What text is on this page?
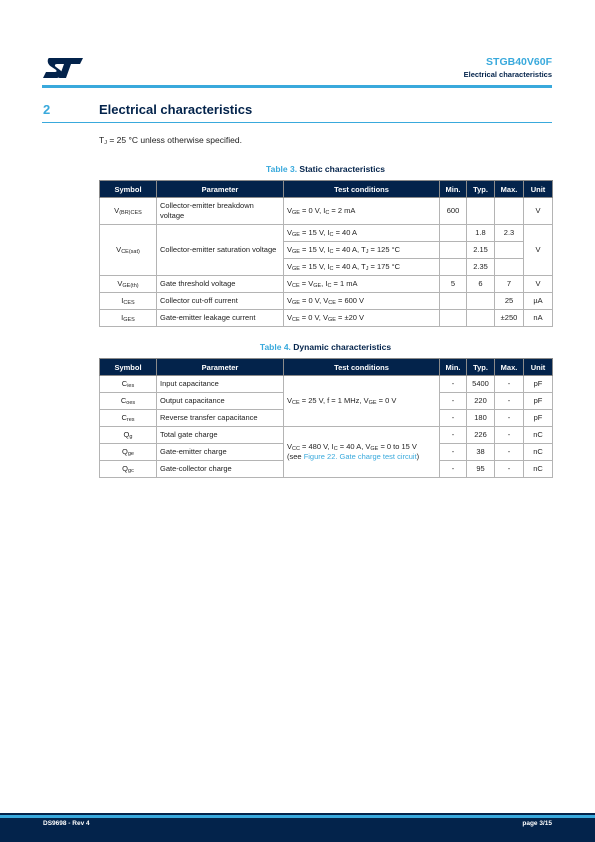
STGB40V60F
Electrical characteristics
2	Electrical characteristics
$T_J = 25$ °C unless otherwise specified.
Table 3. Static characteristics
Symbol	Parameter	Test conditions	Min.	Typ.	Max.	Unit
$V_{(BR)CES}$	Collector-emitter breakdown voltage	$V_{GE} = 0$ V, $I_C = 2$ mA	600			V
$V_{CE(sat)}$	Collector-emitter saturation voltage	$V_{GE} = 15$ V, $I_C = 40$ A		1.8	2.3	V
		$V_{GE} = 15$ V, $I_C = 40$ A, $T_J = 125$ °C		2.15		
		$V_{GE} = 15$ V, $I_C = 40$ A, $T_J = 175$ °C		2.35		
$V_{GE(th)}$	Gate threshold voltage	$V_{CE} = V_{GE}$, $I_C = 1$ mA	5	6	7	V
$I_{CES}$	Collector cut-off current	$V_{GE} = 0$ V, $V_{CE} = 600$ V			25	µA
$I_{GES}$	Gate-emitter leakage current	$V_{CE} = 0$ V, $V_{GE} = \pm 20$ V			±250	nA
Table 4. Dynamic characteristics
Symbol	Parameter	Test conditions	Min.	Typ.	Max.	Unit
$C_{ies}$	Input capacitance	$V_{CE} = 25$ V, f = 1 MHz, $V_{GE} = 0$ V	-	5400	-	pF
$C_{oes}$	Output capacitance		-	220	-	pF
$C_{res}$	Reverse transfer capacitance		-	180	-	pF
$Q_g$	Total gate charge	$V_{CC} = 480$ V, $I_C = 40$ A, $V_{GE} = 0$ to 15 V
(see Figure 22. Gate charge test circuit)	-	226	-	nC
$Q_{ge}$	Gate-emitter charge		-	38	-	nC
$Q_{gc}$	Gate-collector charge		-	95	-	nC
DS9698 - Rev 4	page 3/15
